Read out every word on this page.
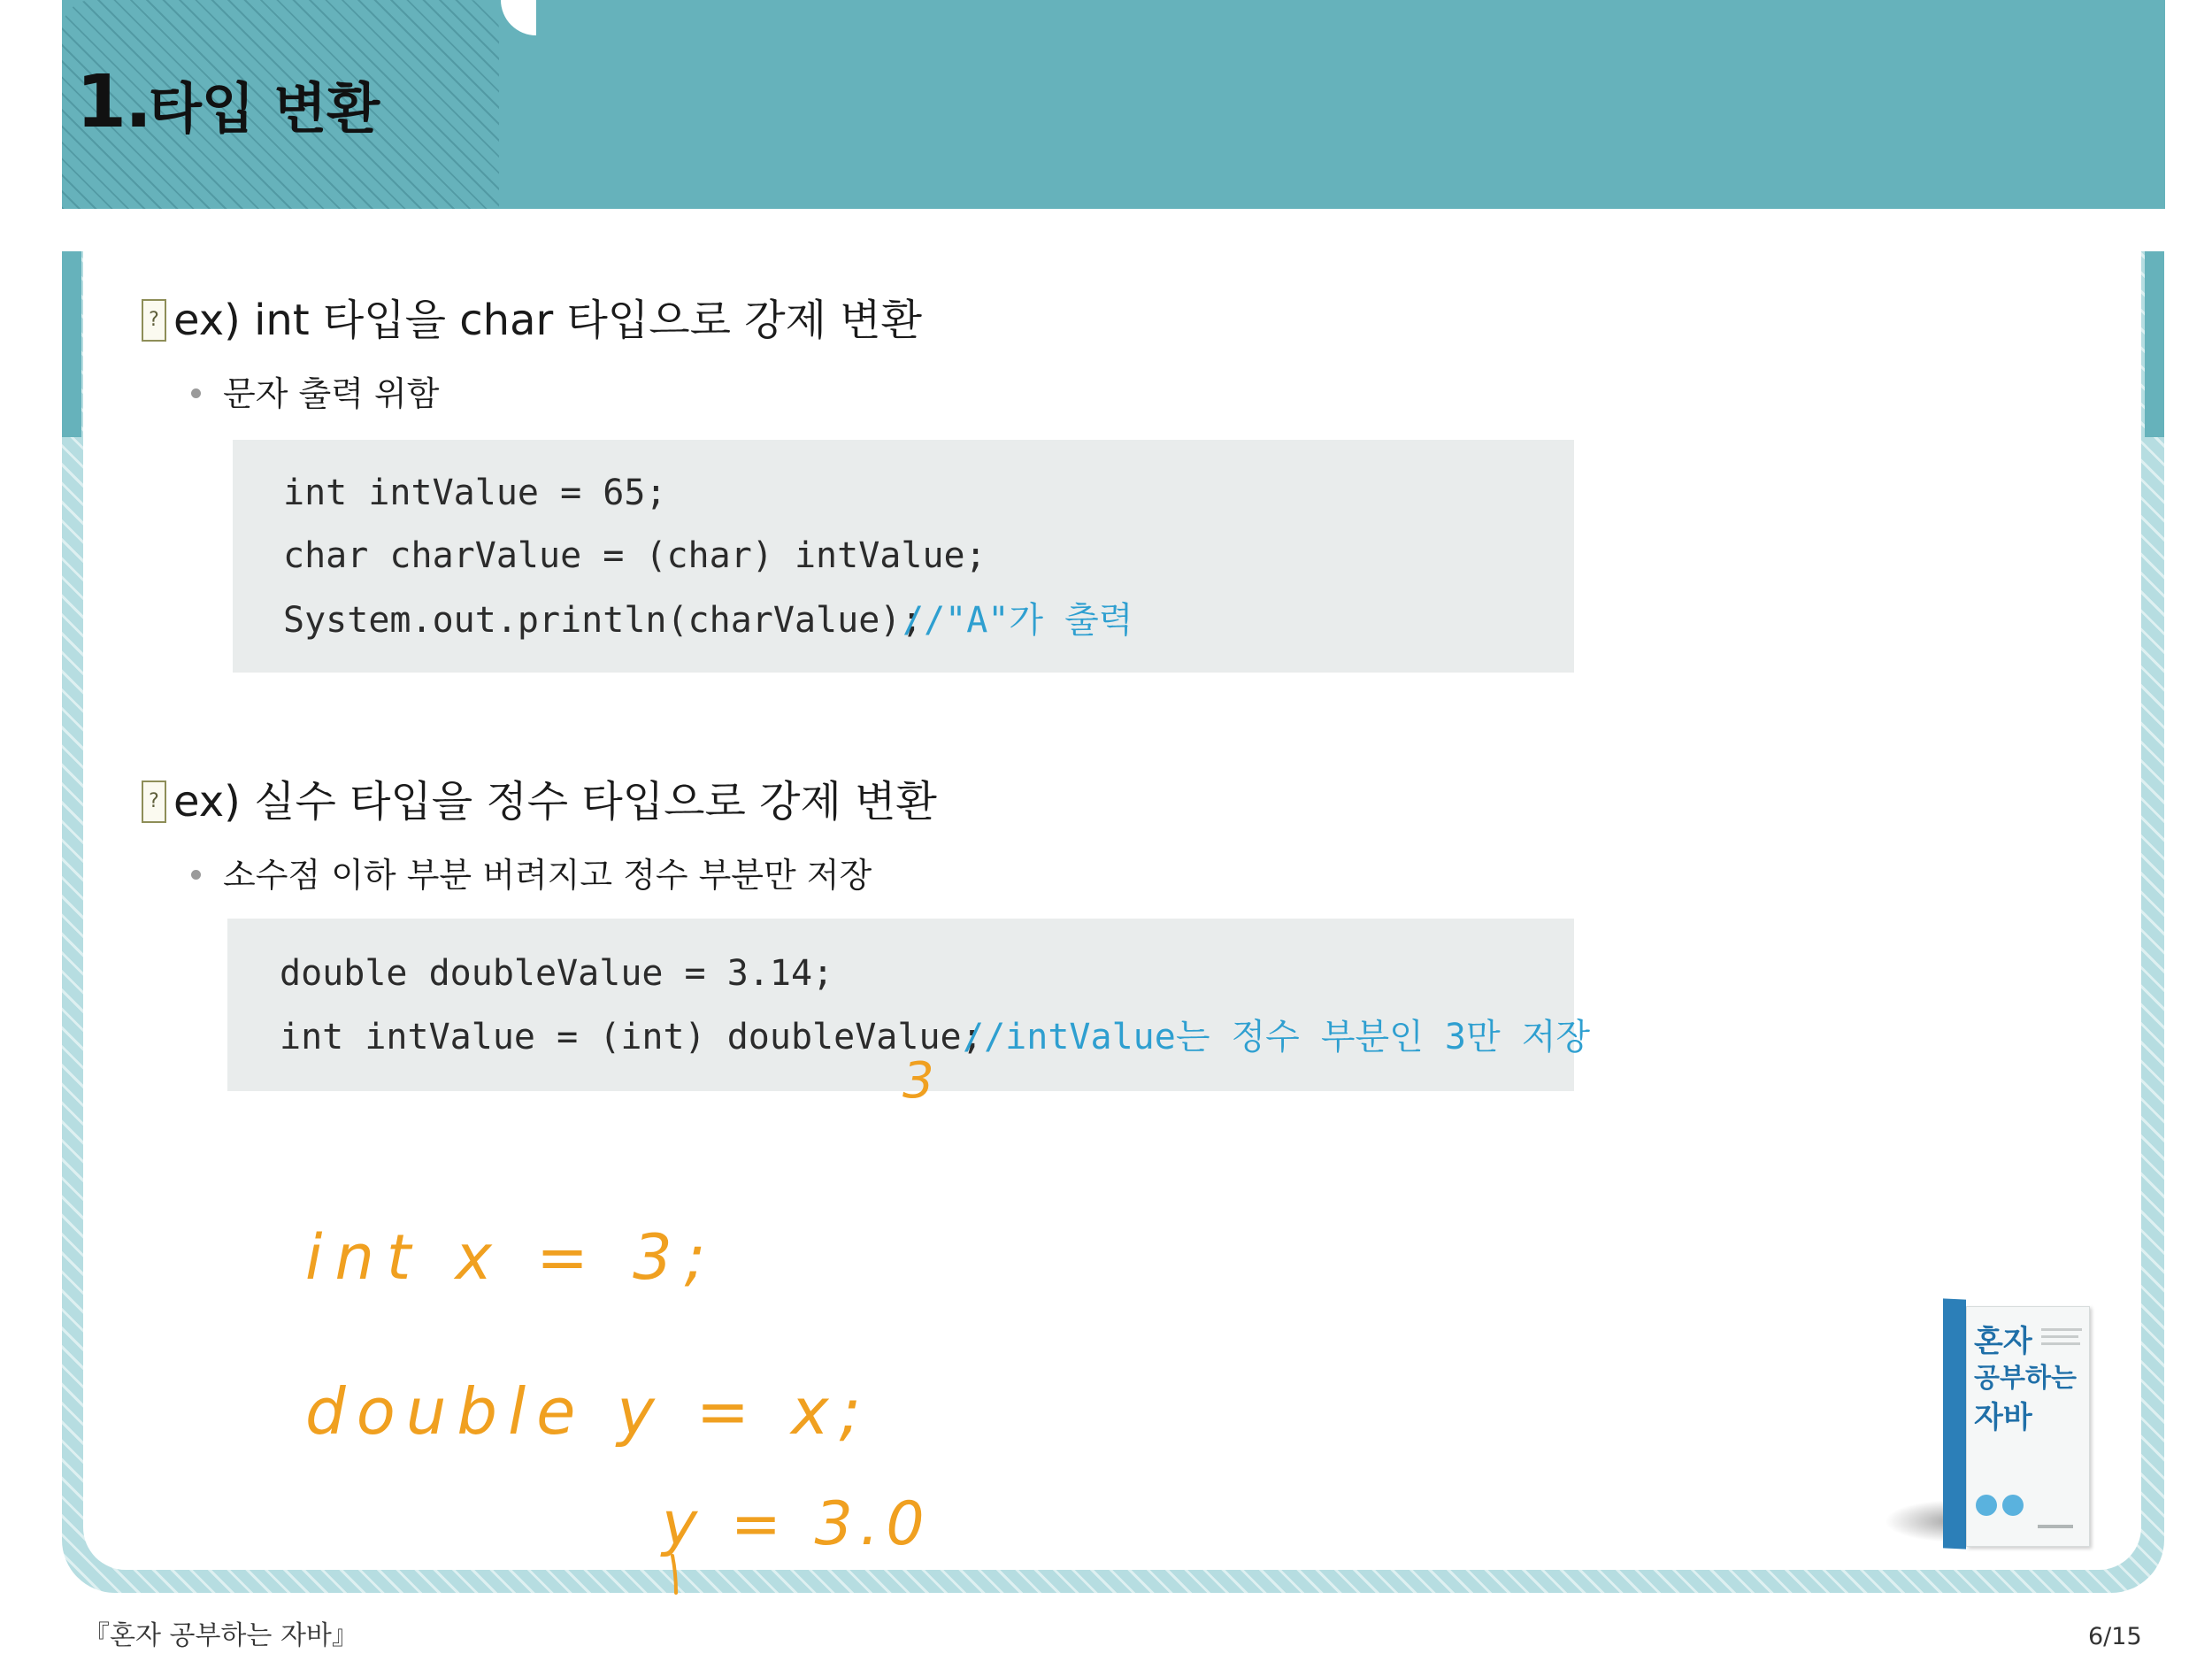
1.
타입 변환
? ex) int 타입을 char 타입으로 강제 변환
문자 출력 위함
int intValue = 65;
char charValue = (char) intValue;
System.out.println(charValue);
//"A"가 출력
? ex) 실수 타입을 정수 타입으로 강제 변환
소수점 이하 부분 버려지고 정수 부분만 저장
double doubleValue = 3.14;
int intValue = (int) doubleValue;
//intValue는 정수 부분인 3만 저장
혼자
공부하는
자바
3
int x = 3;
double y = x;
y = 3.0
『혼자 공부하는 자바』	6/15
